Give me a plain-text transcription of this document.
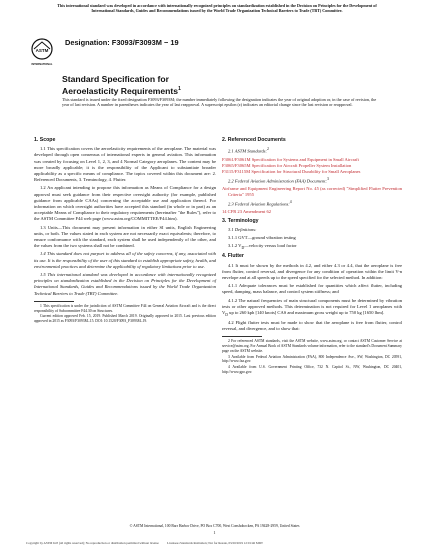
This international standard was developed in accordance with internationally recognized principles on standardization established in the Decision on Principles for the Development of International Standards, Guides and Recommendations issued by the World Trade Organization Technical Barriers to Trade (TBT) Committee.
ASTM
INTERNATIONAL
Designation: F3093/F3093M − 19
Standard Specification for
Aeroelasticity Requirements$^1$
This standard is issued under the fixed designation F3093/F3093M; the number immediately following the designation indicates the year of original adoption or, in the case of revision, the year of last revision. A number in parentheses indicates the year of last reapproval. A superscript epsilon (ε) indicates an editorial change since the last revision or reapproval.
1. Scope

1.1 This specification covers the aeroelasticity requirements of the aeroplane. The material was developed through open consensus of international experts in general aviation. This information was created by focusing on Level 1, 2, 3, and 4 Normal Category aeroplanes. The content may be more broadly applicable; it is the responsibility of the Applicant to substantiate broader applicability as a specific means of compliance. The topics covered within this document are: 2. Referenced Documents, 3. Terminology, 4. Flutter.

1.2 An applicant intending to propose this information as Means of Compliance for a design approval must seek guidance from their respective oversight authority (for example, published guidance from applicable CAAs) concerning the acceptable use and application thereof. For information on which oversight authorities have accepted this standard (in whole or in part) as an acceptable Means of Compliance to their regulatory requirements (hereinafter "the Rules"), refer to the ASTM Committee F44 web page (www.astm.org/COMMITTEE/F44.htm).

1.3 Units—This document may present information in either SI units, English Engineering units, or both. The values stated in each system are not necessarily exact equivalents; therefore, to ensure conformance with the standard, each system shall be used independently of the other, and the values from the two systems shall not be combined.

1.4 This standard does not purport to address all of the safety concerns, if any, associated with its use. It is the responsibility of the user of this standard to establish appropriate safety, health, and environmental practices and determine the applicability of regulatory limitations prior to use.

1.5 This international standard was developed in accordance with internationally recognized principles on standardization established in the Decision on Principles for the Development of International Standards, Guides and Recommendations issued by the World Trade Organization Technical Barriers to Trade (TBT) Committee.

1 This specification is under the jurisdiction of ASTM Committee F44 on General Aviation Aircraft and is the direct responsibility of Subcommittee F44.30 on Structures.

Current edition approved Feb. 15, 2019. Published March 2019. Originally approved in 2015. Last previous edition approved in 2015 as F3093/F3093M–15. DOI: 10.1520/F3093_F3093M–19.

2. Referenced Documents

2.1 ASTM Standards:$^2$

F3061/F3061M Specification for Systems and Equipment in Small Aircraft

F3065/F3065M Specification for Aircraft Propeller System Installation

F3115/F3115M Specification for Structural Durability for Small Aeroplanes

2.2 Federal Aviation Administration (FAA) Document:$^3$

Airframe and Equipment Engineering Report No. 45 (as corrected) "Simplified Flutter Prevention Criteria" 1955

2.3 Federal Aviation Regulations:$^4$

14 CFR 23 Amendment 62

3. Terminology

3.1 Definitions:

3.1.1 GVT—ground vibration testing

3.1.2 $V_D—velocity$ versus load factor

4. Flutter

4.1 It must be shown by the methods in 4.2, and either 4.3 or 4.4, that the aeroplane is free from flutter, control reversal, and divergence for any condition of operation within the limit V-n envelope and at all speeds up to the speed specified for the selected method. In addition:

4.1.1 Adequate tolerances must be established for quantities which affect flutter, including speed, damping, mass balance, and control system stiffness; and

4.1.2 The natural frequencies of main structural components must be determined by vibration tests or other approved methods. This determination is not required for Level 1 aeroplanes with $V_D$ up to 260 kph [140 knots] CAS and maximum gross weight up to 750 kg [1650 lbm].

4.2 Flight flutter tests must be made to show that the aeroplane is free from flutter, control reversal, and divergence, and to show that:

2 For referenced ASTM standards, visit the ASTM website, www.astm.org, or contact ASTM Customer Service at service@astm.org. For Annual Book of ASTM Standards volume information, refer to the standard's Document Summary page on the ASTM website.

3 Available from Federal Aviation Administration (FAA), 800 Independence Ave., SW, Washington, DC 20591, http://www.faa.gov.

4 Available from U.S. Government Printing Office, 732 N. Capitol St., NW, Washington, DC 20401, http://www.gpo.gov.

© ASTM International, 100 Barr Harbor Drive, PO Box C700, West Conshohocken, PA 19428-2959, United States
1
Copyright by ASTM Int'l (all rights reserved); No reproduction or distribution permitted without license	Licensee=Standards Institution; Not for Resale, 03/20/2019 12:01:46 MDT
